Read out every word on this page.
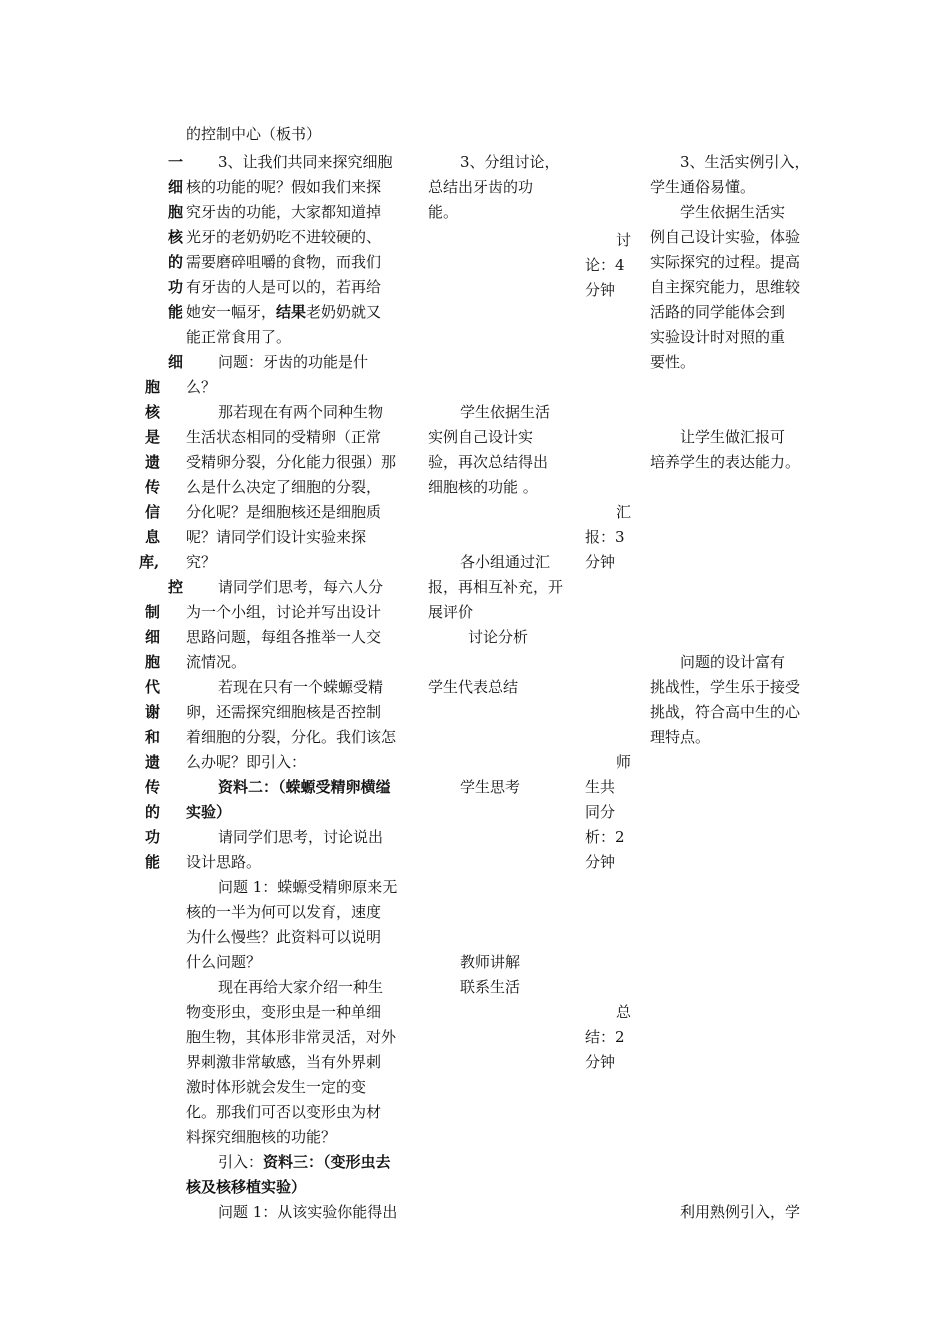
的控制中心（板书）
一
细
胞
核
的
功
能
细
胞
核
是
遗
传
信
息
库,
控
制
细
胞
代
谢
和
遗
传
的
功
能
3、让我们共同来探究细胞
核的功能的呢？假如我们来探
究牙齿的功能，大家都知道掉
光牙的老奶奶吃不进较硬的、
需要磨碎咀嚼的食物，而我们
有牙齿的人是可以的，若再给
她安一幅牙，结果老奶奶就又
能正常食用了。
问题：牙齿的功能是什
么？
那若现在有两个同种生物
生活状态相同的受精卵（正常
受精卵分裂，分化能力很强）那
么是什么决定了细胞的分裂，
分化呢？是细胞核还是细胞质
呢？请同学们设计实验来探
究？
请同学们思考，每六人分
为一个小组，讨论并写出设计
思路问题，每组各推举一人交
流情况。
若现在只有一个蝾螈受精
卵，还需探究细胞核是否控制
着细胞的分裂，分化。我们该怎
么办呢？即引入：
资料二：（蝾螈受精卵横缢
实验）
请同学们思考，讨论说出
设计思路。
问题 1：蝾螈受精卵原来无
核的一半为何可以发育，速度
为什么慢些？此资料可以说明
什么问题？
现在再给大家介绍一种生
物变形虫，变形虫是一种单细
胞生物，其体形非常灵活，对外
界刺激非常敏感，当有外界刺
激时体形就会发生一定的变
化。那我们可否以变形虫为材
料探究细胞核的功能？
引入：资料三：（变形虫去
核及核移植实验）
问题 1：从该实验你能得出
3、分组讨论，
总结出牙齿的功
能。
学生依据生活
实例自己设计实
验，再次总结得出
细胞核的功能 。
各小组通过汇
报，再相互补充，开
展评价
讨论分析
学生代表总结
学生思考
教师讲解
联系生活
讨
论：4
分钟
汇
报：3
分钟
师
生共
同分
析：2
分钟
总
结：2
分钟
3、生活实例引入，
学生通俗易懂。
学生依据生活实
例自己设计实验，体验
实际探究的过程。提高
自主探究能力，思维较
活路的同学能体会到
实验设计时对照的重
要性。
让学生做汇报可
培养学生的表达能力。
问题的设计富有
挑战性，学生乐于接受
挑战，符合高中生的心
理特点。
利用熟例引入，学
